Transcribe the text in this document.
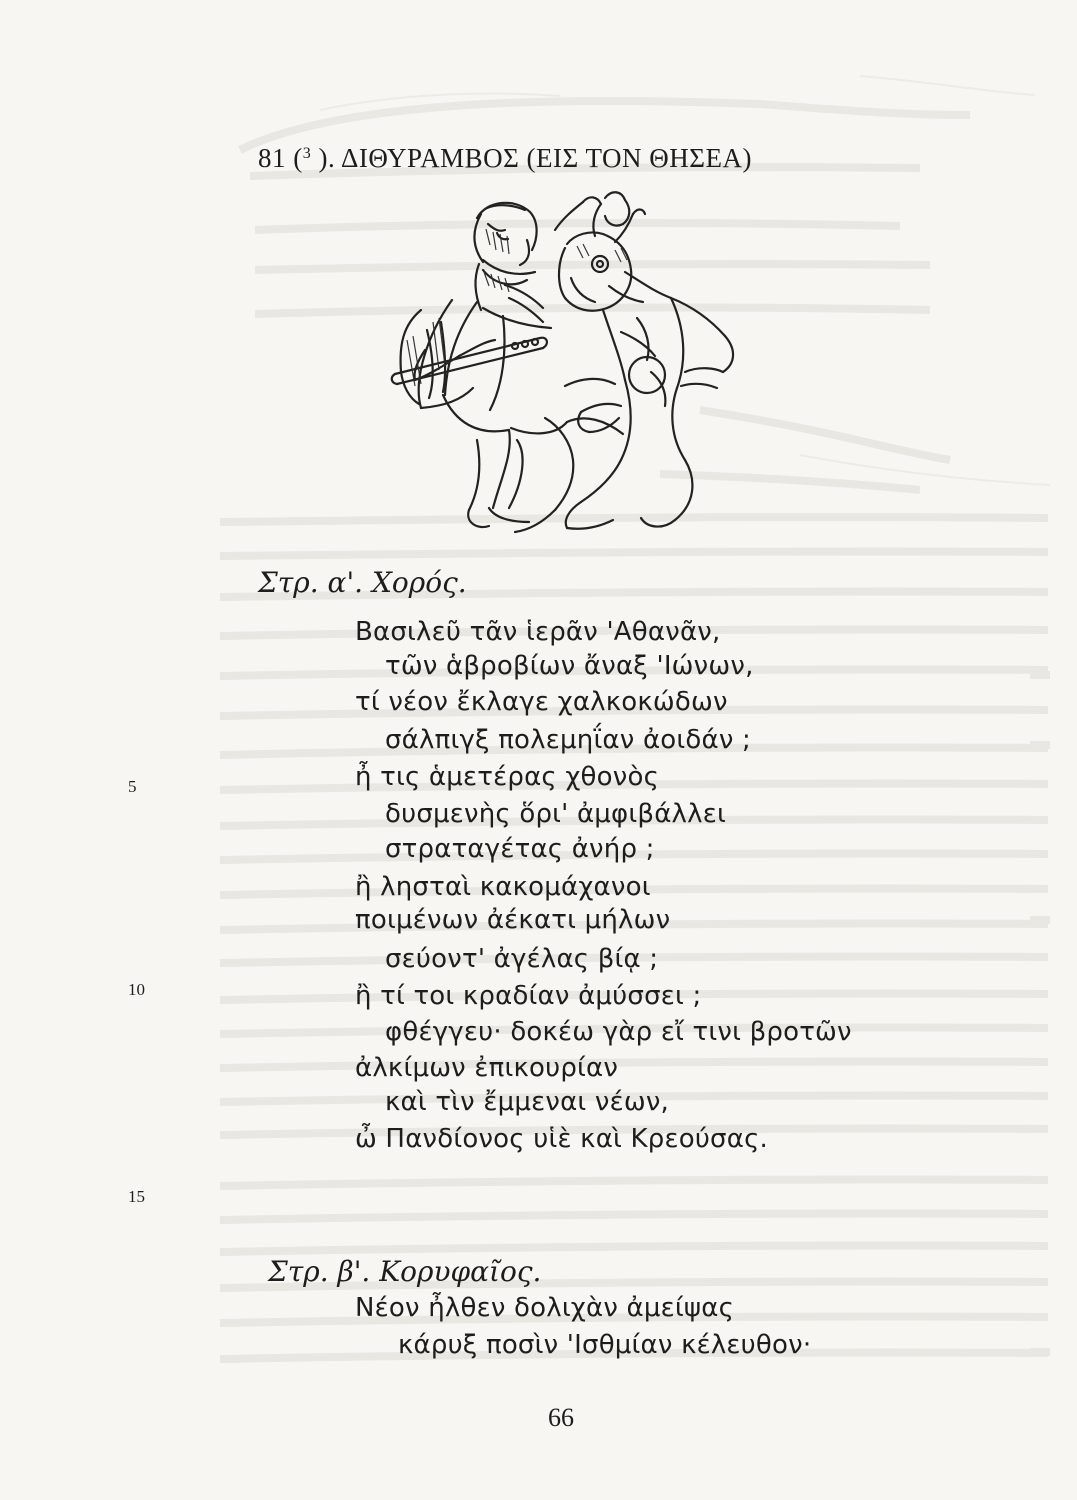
81 ($^3$ ). ΔΙΘΥΡΑΜΒΟΣ (ΕΙΣ ΤΟΝ ΘΗΣΕΑ)
Στρ. α'. Χορός.
Βασιλεῦ τᾶν ἱερᾶν 'Αθανᾶν,
τῶν ἁβροβίων ἄναξ 'Ιώνων,
τί νέον ἔκλαγε χαλκοκώδων
σάλπιγξ πολεμηΐαν ἀοιδάν ;
ἦ τις ἁμετέρας χθονὸς
δυσμενὴς ὅρι' ἀμφιβάλλει
στραταγέτας ἀνήρ ;
ἢ λησταὶ κακομάχανοι
ποιμένων ἀέκατι μήλων
σεύοντ' ἀγέλας βίᾳ ;
ἢ τί τοι κραδίαν ἀμύσσει ;
φθέγγευ· δοκέω γὰρ εἴ τινι βροτῶν
ἀλκίμων ἐπικουρίαν
καὶ τὶν ἔμμεναι νέων,
ὦ Πανδίονος υἱὲ καὶ Κρεούσας.
5
10
15
Στρ. β'. Κορυφαῖος.
Νέον ἦλθεν δολιχὰν ἀμείψας
κάρυξ ποσὶν 'Ισθμίαν κέλευθον·
66
